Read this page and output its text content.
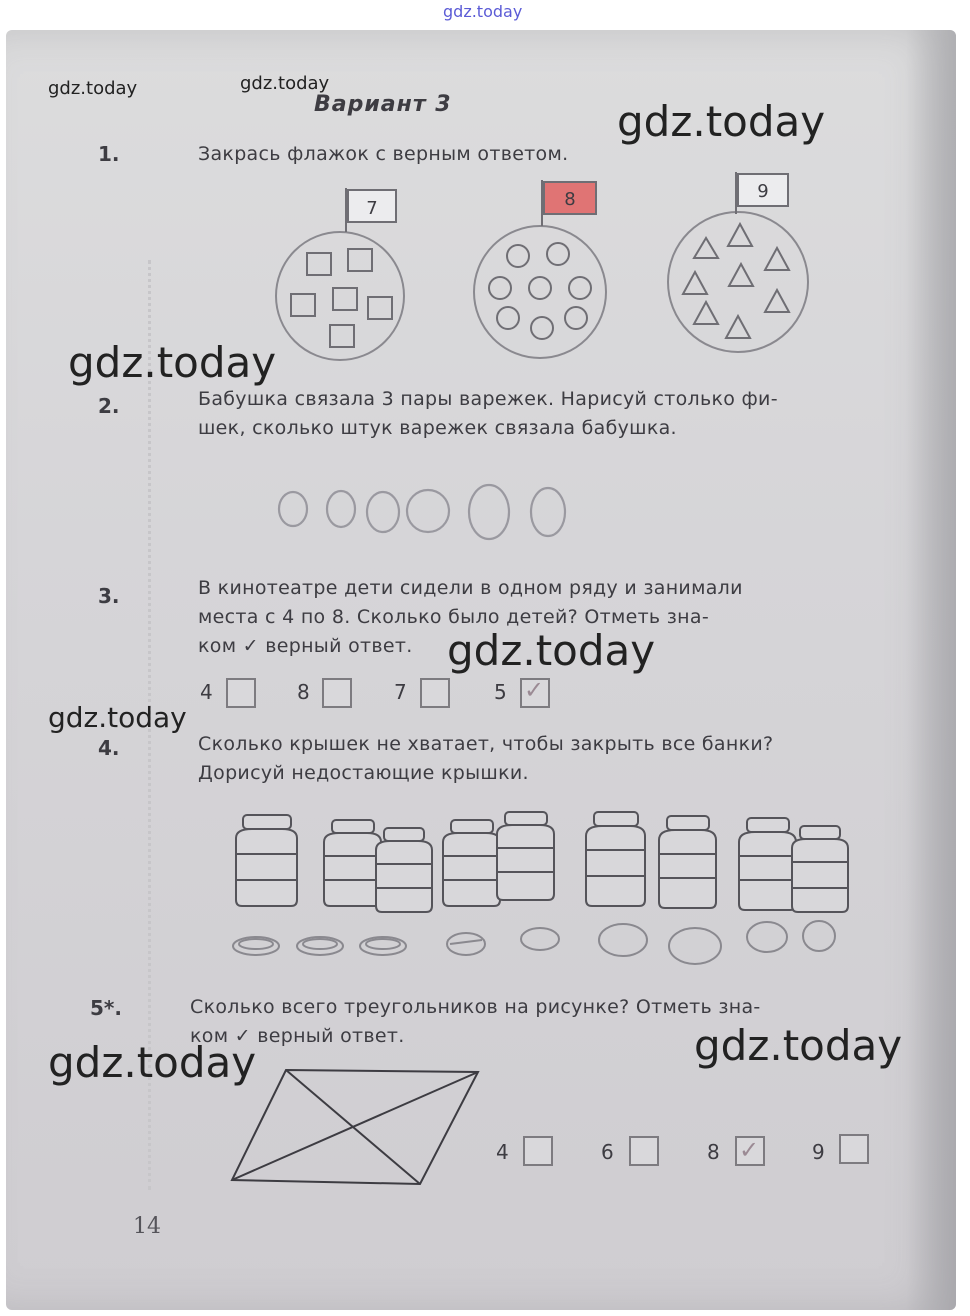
gdz.today
gdz.today	gdz.today
gdz.today
gdz.today
gdz.today
gdz.today
gdz.today
gdz.today
Вариант 3
1.	Закрась флажок с верным ответом.
2.	Бабушка связала 3 пары варежек. Нарисуй столько фи-
шек, сколько штук варежек связала бабушка.
3.	В кинотеатре дети сидели в одном ряду и занимали
места с 4 по 8. Сколько было детей? Отметь зна-
ком ✓ верный ответ.
4.	Сколько крышек не хватает, чтобы закрыть все банки?
Дорисуй недостающие крышки.
5*.	Сколько всего треугольников на рисунке? Отметь зна-
ком ✓ верный ответ.
7	8	9
4	8	7	5 ✓
4	6	8 ✓	9
14
